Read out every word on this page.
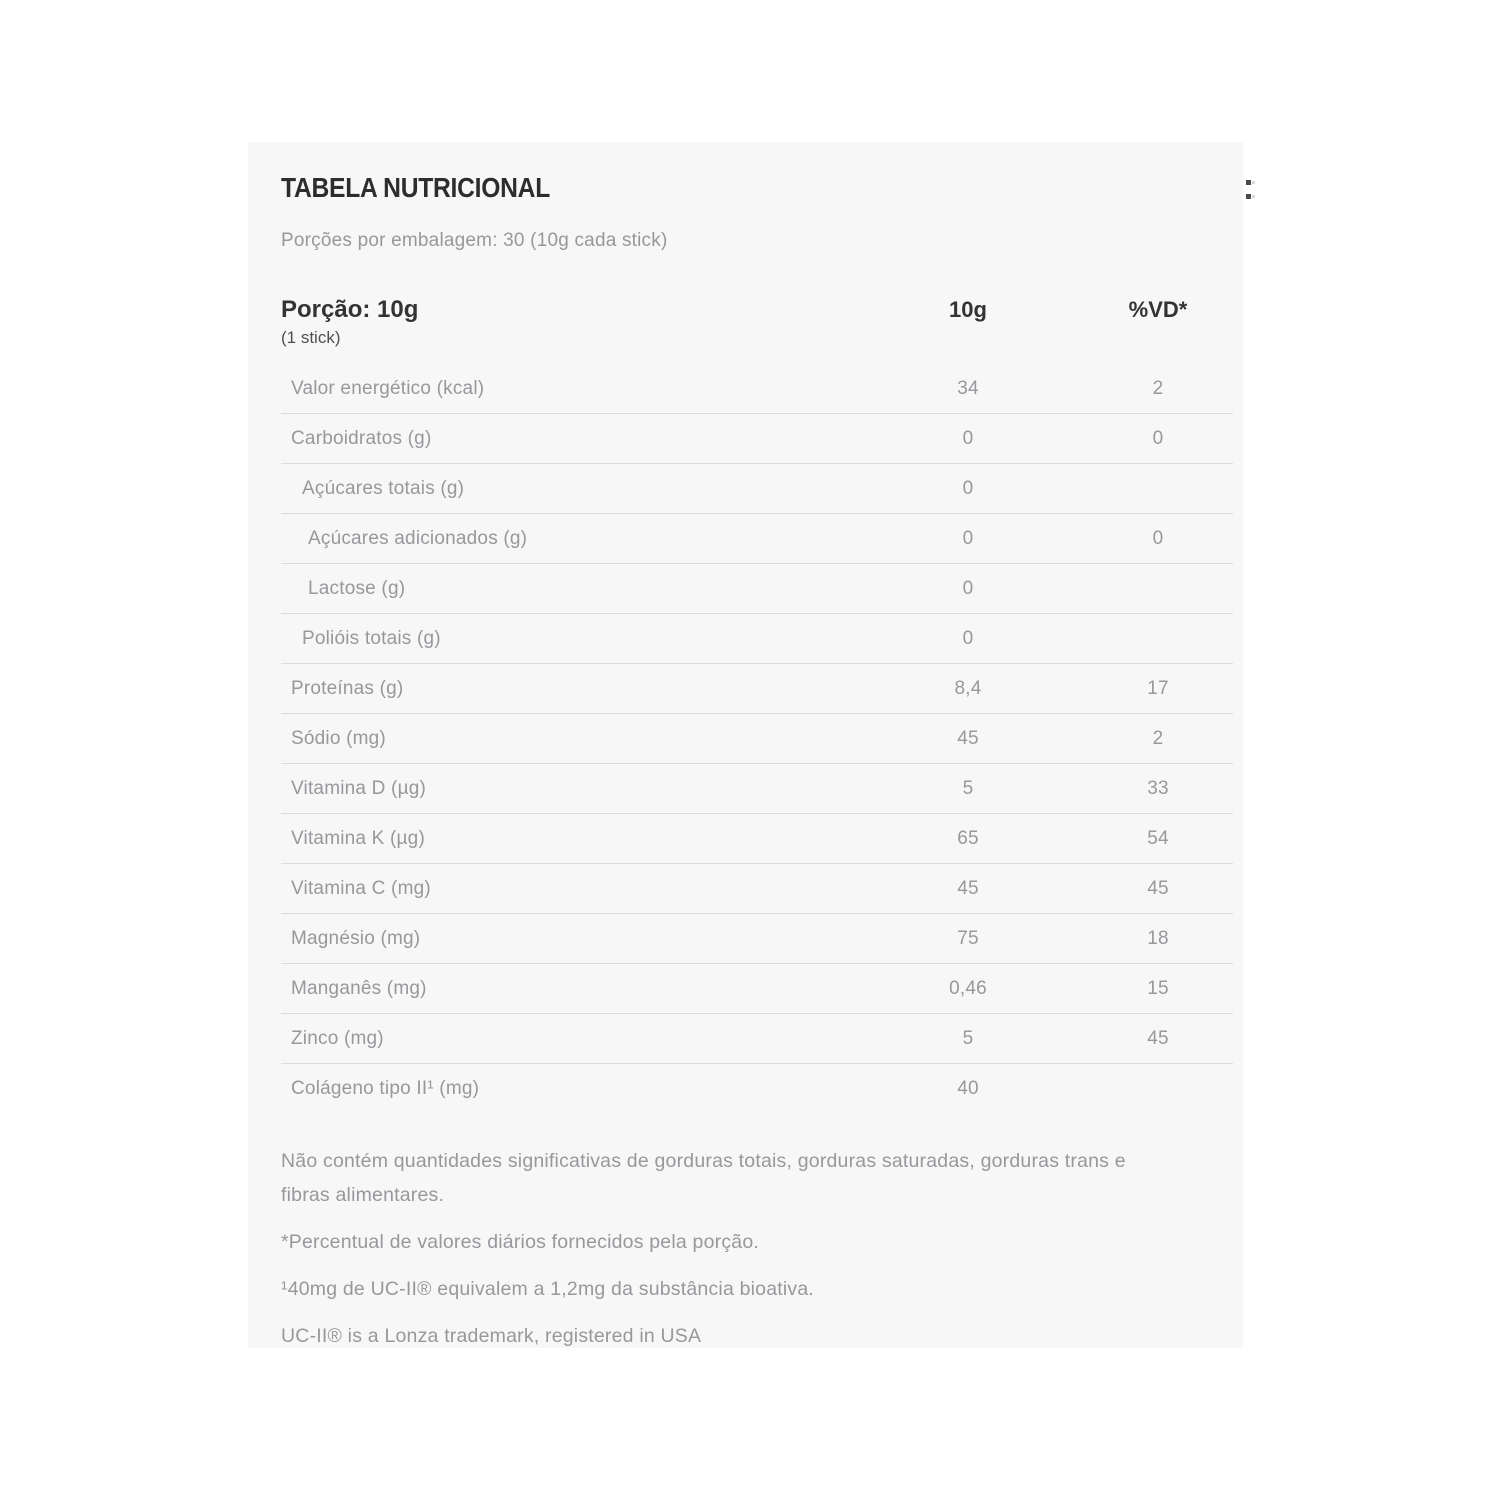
TABELA NUTRICIONAL
Porções por embalagem: 30 (10g cada stick)
Porção: 10g	10g	%VD*
(1 stick)
Valor energético (kcal)	34	2
Carboidratos (g)	0	0
Açúcares totais (g)	0
Açúcares adicionados (g)	0	0
Lactose (g)	0
Polióis totais (g)	0
Proteínas (g)	8,4	17
Sódio (mg)	45	2
Vitamina D (µg)	5	33
Vitamina K (µg)	65	54
Vitamina C (mg)	45	45
Magnésio (mg)	75	18
Manganês (mg)	0,46	15
Zinco (mg)	5	45
Colágeno tipo II¹ (mg)	40

Não contém quantidades significativas de gorduras totais, gorduras saturadas, gorduras trans e fibras alimentares.

*Percentual de valores diários fornecidos pela porção.

¹40mg de UC-II® equivalem a 1,2mg da substância bioativa.

UC-II® is a Lonza trademark, registered in USA
